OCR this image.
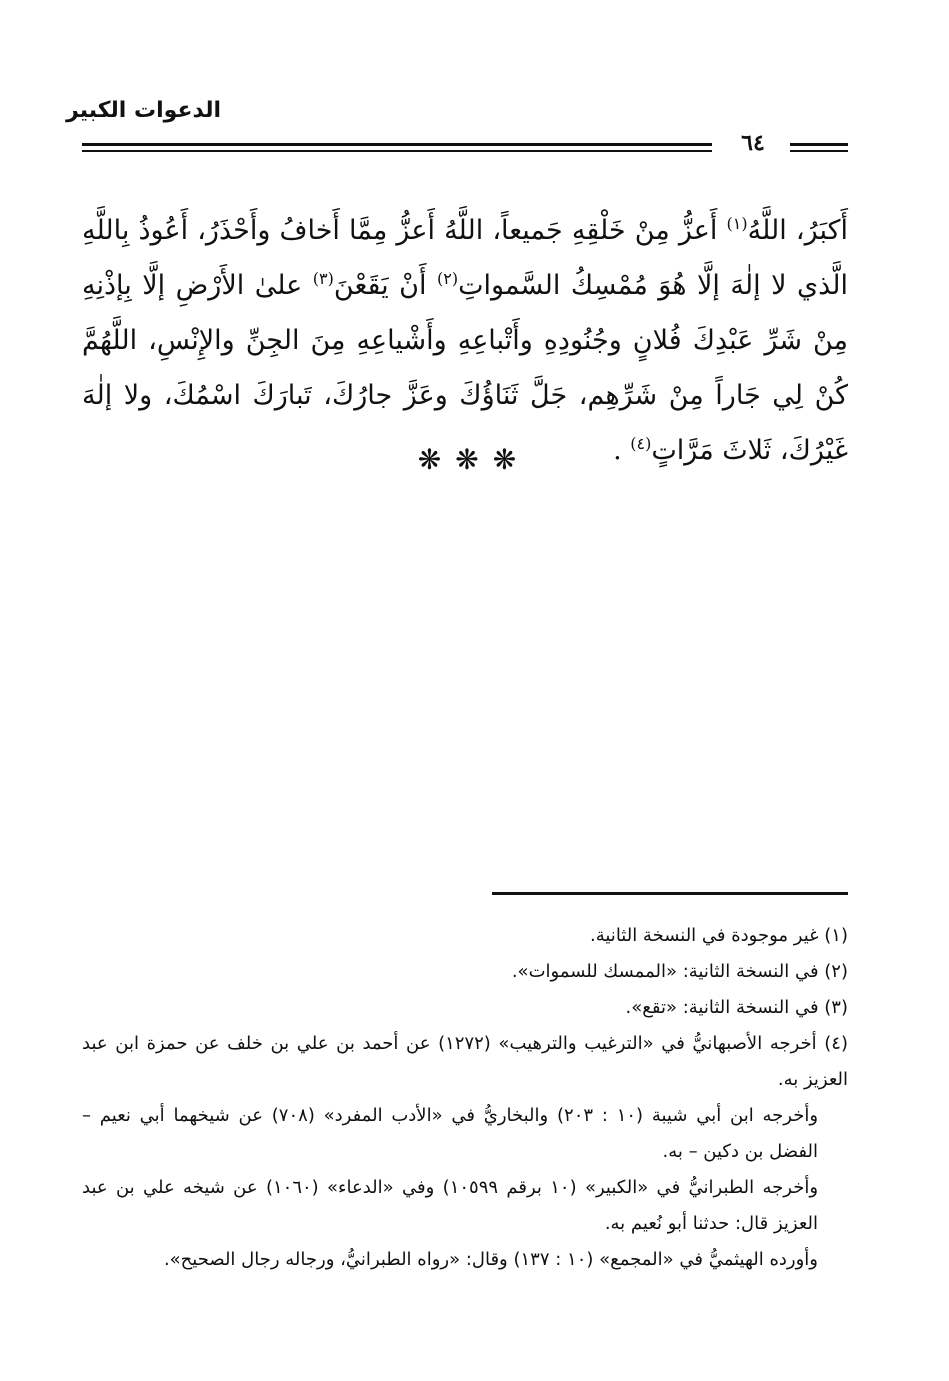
الدعوات الكبير
٦٤

أَكبَرُ، اللَّهُ$^{(١)}$ أَعزُّ مِنْ خَلْقِهِ جَميعاً، اللَّهُ أَعزُّ مِمَّا أَخافُ وأَحْذَرُ، أَعُوذُ بِاللَّهِ الَّذي لا إلٰهَ إلَّا هُوَ مُمْسِكُ السَّمواتِ$^{(٢)}$ أَنْ يَقَعْنَ$^{(٣)}$ علىٰ الأَرْضِ إلَّا بِإذْنِهِ مِنْ شَرِّ عَبْدِكَ فُلانٍ وجُنُودِهِ وأَتْباعِهِ وأَشْياعِهِ مِنَ الجِنِّ والإِنْسِ، اللَّهُمَّ كُنْ لِي جَاراً مِنْ شَرِّهِم، جَلَّ ثَنَاؤُكَ وعَزَّ جارُكَ، تَبارَكَ اسْمُكَ، ولا إلٰهَ غَيْرُكَ، ثَلاثَ مَرَّاتٍ$^{(٤)}$ .

❋❋❋

(١) غير موجودة في النسخة الثانية.

(٢) في النسخة الثانية: «الممسك للسموات».

(٣) في النسخة الثانية: «تقع».

(٤) أخرجه الأصبهانيُّ في «الترغيب والترهيب» (١٢٧٢) عن أحمد بن علي بن خلف عن حمزة ابن عبد العزيز به.

وأخرجه ابن أبي شيبة (١٠ : ٢٠٣) والبخاريُّ في «الأدب المفرد» (٧٠٨) عن شيخهما أبي نعيم – الفضل بن دكين – به.

وأخرجه الطبرانيُّ في «الكبير» (١٠ برقم ١٠٥٩٩) وفي «الدعاء» (١٠٦٠) عن شيخه علي بن عبد العزيز قال: حدثنا أبو نُعيم به.

وأورده الهيثميُّ في «المجمع» (١٠ : ١٣٧) وقال: «رواه الطبرانيُّ، ورجاله رجال الصحيح».
